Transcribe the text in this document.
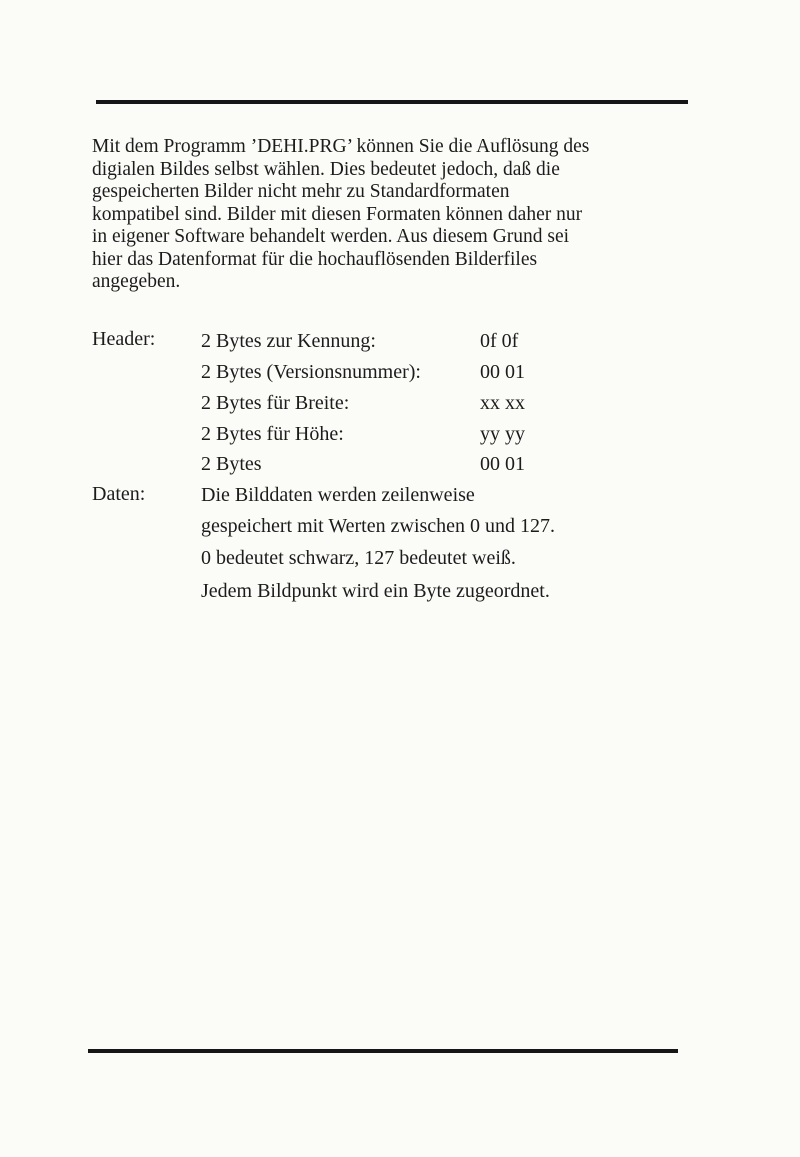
Mit dem Programm ’DEHI.PRG’ können Sie die Auflösung des
digialen Bildes selbst wählen. Dies bedeutet jedoch, daß die
gespeicherten Bilder nicht mehr zu Standardformaten
kompatibel sind. Bilder mit diesen Formaten können daher nur
in eigener Software behandelt werden. Aus diesem Grund sei
hier das Datenformat für die hochauflösenden Bilderfiles
angegeben.
Header: 2 Bytes zur Kennung:	0f 0f
2 Bytes (Versionsnummer):	00 01
2 Bytes für Breite:	xx xx
2 Bytes für Höhe:	yy yy
2 Bytes	00 01
Daten:	Die Bilddaten werden zeilenweise
gespeichert mit Werten zwischen 0 und 127.
0 bedeutet schwarz, 127 bedeutet weiß.
Jedem Bildpunkt wird ein Byte zugeordnet.
